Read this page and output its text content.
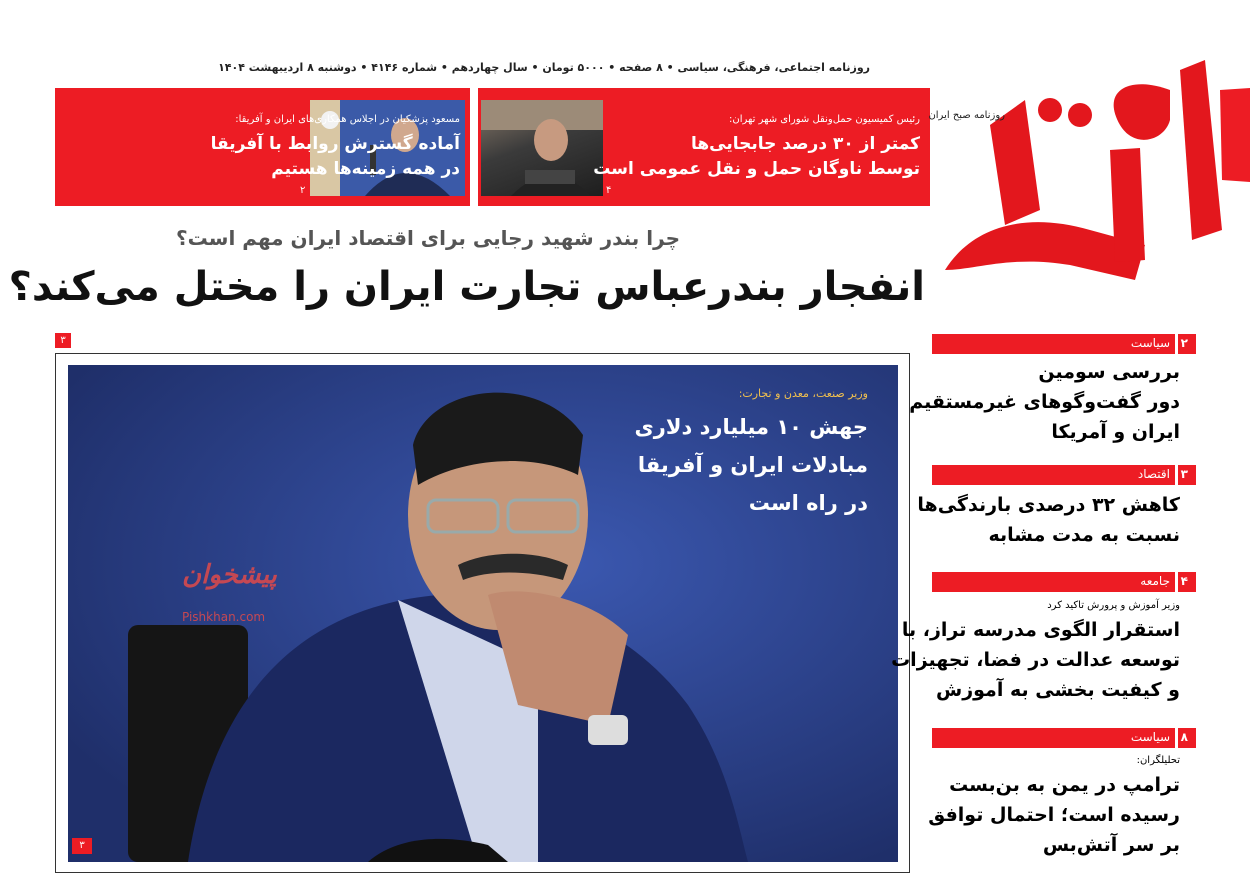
روزنامه اجتماعی، فرهنگی، سیاسی • ۸ صفحه • ۵۰۰۰ تومان • سال چهاردهم • شماره ۴۱۴۶ • دوشنبه ۸ اردیبهشت ۱۴۰۴
رئیس کمیسیون حمل‌ونقل شورای شهر تهران:
کمتر از ۳۰ درصد جابجایی‌ها
توسط ناوگان حمل و نقل عمومی است
۴
مسعود پزشکیان در اجلاس همکاری‌های ایران و آفریقا:
آماده گسترش روابط با آفریقا
در همه زمینه‌ها هستیم
۲
روزنامه صبح ایران
چرا بندر شهید رجایی برای اقتصاد ایران مهم است؟
انفجار بندرعباس تجارت ایران را مختل می‌کند؟
۳
وزیر صنعت، معدن و تجارت:
جهش ۱۰ میلیارد دلاری
مبادلات ایران و آفریقا
در راه است
پیشخوان
Pishkhan.com
۳
۲
سیاست
بررسی سومین
دور گفت‌وگوهای غیرمستقیم
ایران و آمریکا
۳
اقتصاد
کاهش ۳۲ درصدی بارندگی‌ها
نسبت به مدت مشابه
۴
جامعه
وزیر آموزش و پرورش تاکید کرد
استقرار الگوی مدرسه تراز، با
توسعه عدالت در فضا، تجهیزات
و کیفیت بخشی به آموزش
۸
سیاست
تحلیلگران:
ترامپ در یمن به بن‌بست
رسیده است؛ احتمال توافق
بر سر آتش‌بس
